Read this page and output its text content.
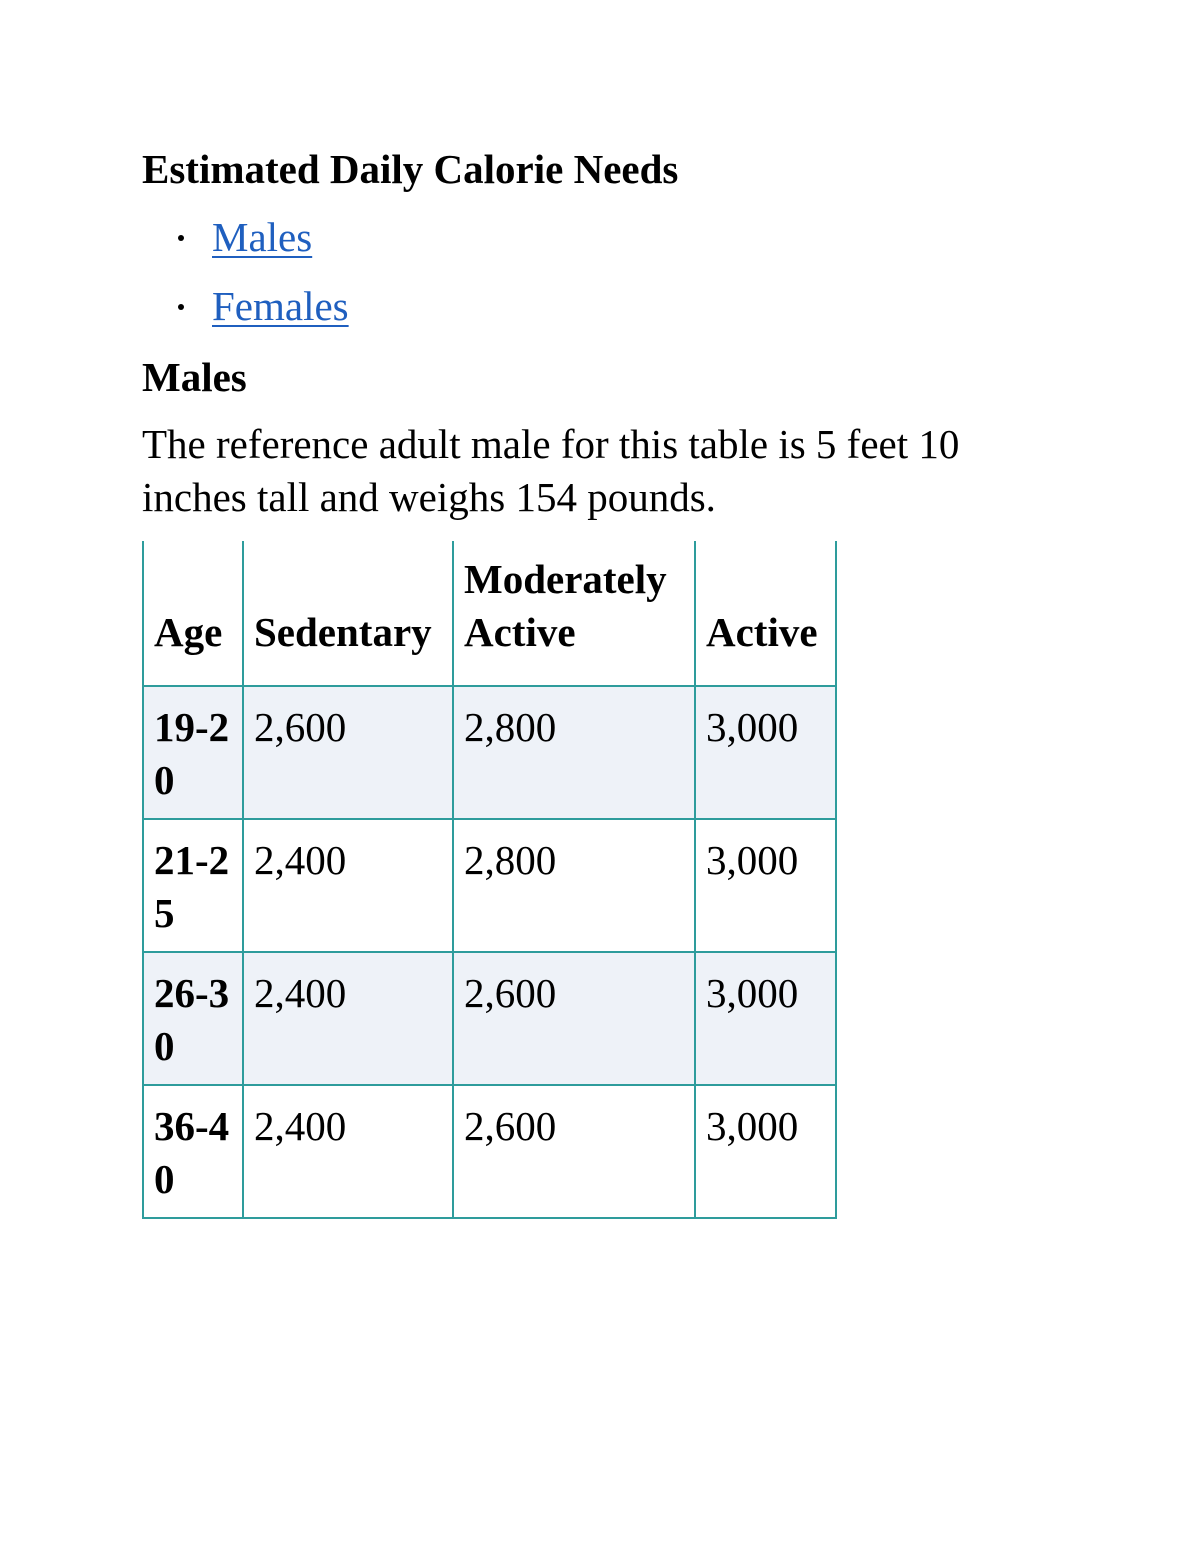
Estimated Daily Calorie Needs
Males
Females
Males

The reference adult male for this table is 5 feet 10 inches tall and weighs 154 pounds.

Age	Sedentary	Moderately Active	Active
19-20	2,600	2,800	3,000
21-25	2,400	2,800	3,000
26-30	2,400	2,600	3,000
36-40	2,400	2,600	3,000
